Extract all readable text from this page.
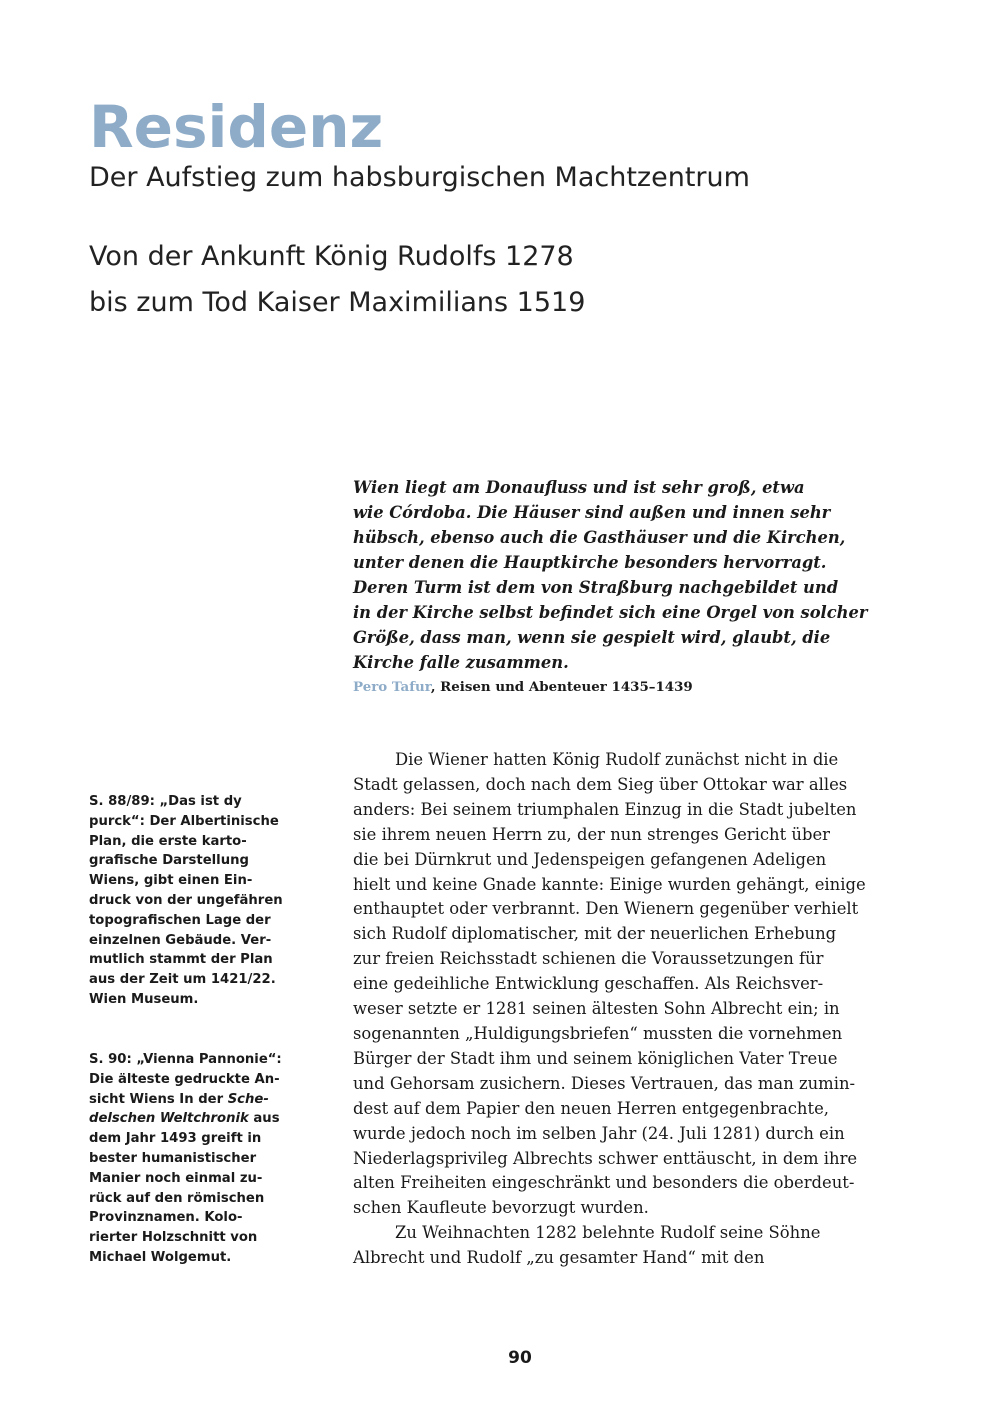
Residenz
Der Aufstieg zum habsburgischen Machtzentrum
Von der Ankunft König Rudolfs 1278
bis zum Tod Kaiser Maximilians 1519
Wien liegt am Donaufluss und ist sehr groß, etwa
wie Córdoba. Die Häuser sind außen und innen sehr
hübsch, ebenso auch die Gasthäuser und die Kirchen,
unter denen die Hauptkirche besonders hervorragt.
Deren Turm ist dem von Straßburg nachgebildet und
in der Kirche selbst befindet sich eine Orgel von solcher
Größe, dass man, wenn sie gespielt wird, glaubt, die
Kirche falle zusammen.

Pero Tafur, Reisen und Abenteuer 1435–1439

S. 88/89: „Das ist dy
purck“: Der Albertinische
Plan, die erste karto-
grafische Darstellung
Wiens, gibt einen Ein-
druck von der ungefähren
topografischen Lage der
einzelnen Gebäude. Ver-
mutlich stammt der Plan
aus der Zeit um 1421/22.
Wien Museum.
S. 90: „Vienna Pannonie“:
Die älteste gedruckte An-
sicht Wiens In der Sche-
delschen Weltchronik aus
dem Jahr 1493 greift in
bester humanistischer
Manier noch einmal zu-
rück auf den römischen
Provinznamen. Kolo-
rierter Holzschnitt von
Michael Wolgemut.
Die Wiener hatten König Rudolf zunächst nicht in die
Stadt gelassen, doch nach dem Sieg über Ottokar war alles
anders: Bei seinem triumphalen Einzug in die Stadt jubelten
sie ihrem neuen Herrn zu, der nun strenges Gericht über
die bei Dürnkrut und Jedenspeigen gefangenen Adeligen
hielt und keine Gnade kannte: Einige wurden gehängt, einige
enthauptet oder verbrannt. Den Wienern gegenüber verhielt
sich Rudolf diplomatischer, mit der neuerlichen Erhebung
zur freien Reichsstadt schienen die Voraussetzungen für
eine gedeihliche Entwicklung geschaffen. Als Reichsver-
weser setzte er 1281 seinen ältesten Sohn Albrecht ein; in
sogenannten „Huldigungsbriefen“ mussten die vornehmen
Bürger der Stadt ihm und seinem königlichen Vater Treue
und Gehorsam zusichern. Dieses Vertrauen, das man zumin-
dest auf dem Papier den neuen Herren entgegenbrachte,
wurde jedoch noch im selben Jahr (24. Juli 1281) durch ein
Niederlagsprivileg Albrechts schwer enttäuscht, in dem ihre
alten Freiheiten eingeschränkt und besonders die oberdeut-
schen Kaufleute bevorzugt wurden.
Zu Weihnachten 1282 belehnte Rudolf seine Söhne
Albrecht und Rudolf „zu gesamter Hand“ mit den
90
